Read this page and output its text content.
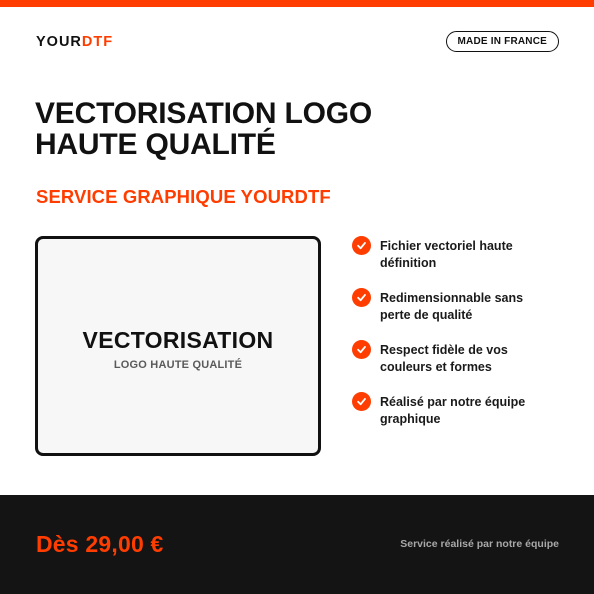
YOURDTF	MADE IN FRANCE
VECTORISATION LOGO
HAUTE QUALITÉ
SERVICE GRAPHIQUE YOURDTF
VECTORISATION
LOGO HAUTE QUALITÉ
Fichier vectoriel haute
définition
Redimensionnable sans
perte de qualité
Respect fidèle de vos
couleurs et formes
Réalisé par notre équipe
graphique
Dès 29,00 €	Service réalisé par notre équipe
